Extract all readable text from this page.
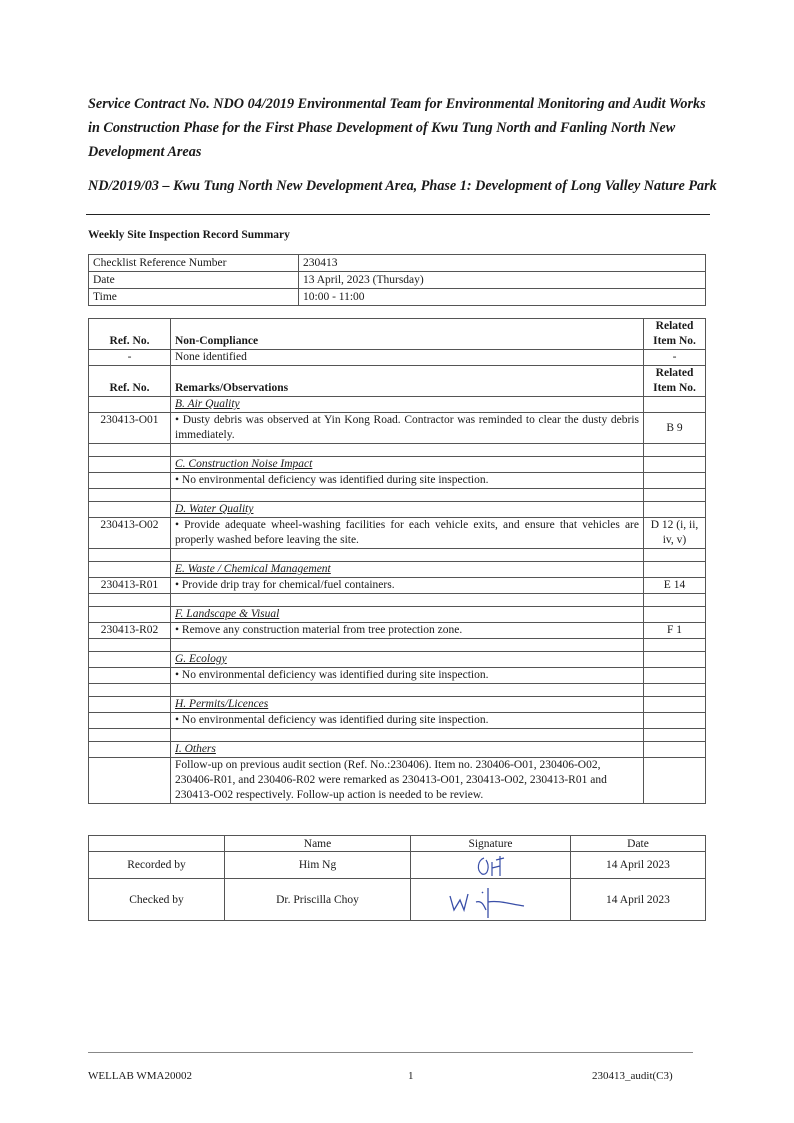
Service Contract No. NDO 04/2019 Environmental Team for Environmental Monitoring and Audit Works in Construction Phase for the First Phase Development of Kwu Tung North and Fanling North New Development Areas

ND/2019/03 – Kwu Tung North New Development Area, Phase 1: Development of Long Valley Nature Park

Weekly Site Inspection Record Summary
Checklist Reference Number	230413
Date	13 April, 2023 (Thursday)
Time	10:00 - 11:00
Ref. No.	Non-Compliance	Related Item No.
-	None identified	-
Ref. No.	Remarks/Observations	Related Item No.
	B. Air Quality	
230413-O01	• Dusty debris was observed at Yin Kong Road. Contractor was reminded to clear the dusty debris immediately.	B 9

	C. Construction Noise Impact	
	• No environmental deficiency was identified during site inspection.	

	D. Water Quality	
230413-O02	• Provide adequate wheel-washing facilities for each vehicle exits, and ensure that vehicles are properly washed before leaving the site.	D 12 (i, ii, iv, v)

	E. Waste / Chemical Management	
230413-R01	• Provide drip tray for chemical/fuel containers.	E 14

	F. Landscape & Visual	
230413-R02	• Remove any construction material from tree protection zone.	F 1

	G. Ecology	
	• No environmental deficiency was identified during site inspection.	

	H. Permits/Licences	
	• No environmental deficiency was identified during site inspection.	

	I. Others	
	Follow-up on previous audit section (Ref. No.:230406). Item no. 230406-O01, 230406-O02, 230406-R01, and 230406-R02 were remarked as 230413-O01, 230413-O02, 230413-R01 and 230413-O02 respectively. Follow-up action is needed to be review.	
	Name	Signature	Date
Recorded by	Him Ng		14 April 2023
Checked by	Dr. Priscilla Choy		14 April 2023
WELLAB WMA20002	1	230413_audit(C3)
